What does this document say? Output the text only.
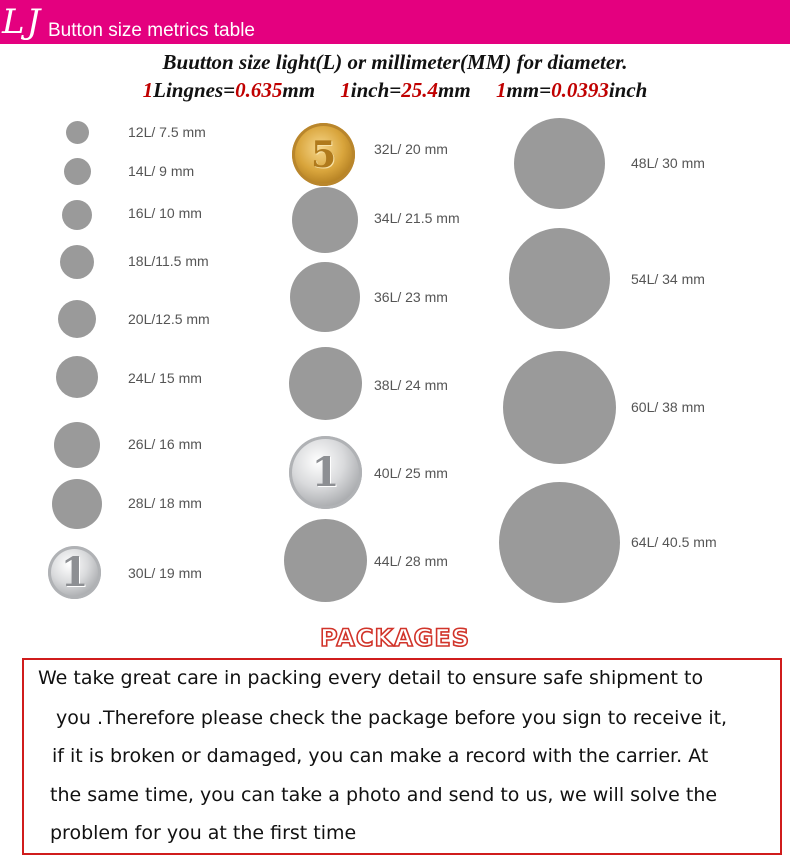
LJ Button size metrics table
Buutton size light(L) or millimeter(MM) for diameter.
1Lingnes=0.635mm 1inch=25.4mm 1mm=0.0393inch
12L/ 7.5 mm
14L/ 9 mm
16L/ 10 mm
18L/11.5 mm
20L/12.5 mm
24L/ 15 mm
26L/ 16 mm
28L/ 18 mm
1	30L/ 19 mm
5	32L/ 20 mm
34L/ 21.5 mm
36L/ 23 mm
38L/ 24 mm
1	40L/ 25 mm
44L/ 28 mm
48L/ 30 mm
54L/ 34 mm
60L/ 38 mm
64L/ 40.5 mm
PACKAGES
We take great care in packing every detail to ensure safe shipment to
you .Therefore please check the package before you sign to receive it,
if it is broken or damaged, you can make a record with the carrier. At
the same time, you can take a photo and send to us, we will solve the
problem for you at the first time
